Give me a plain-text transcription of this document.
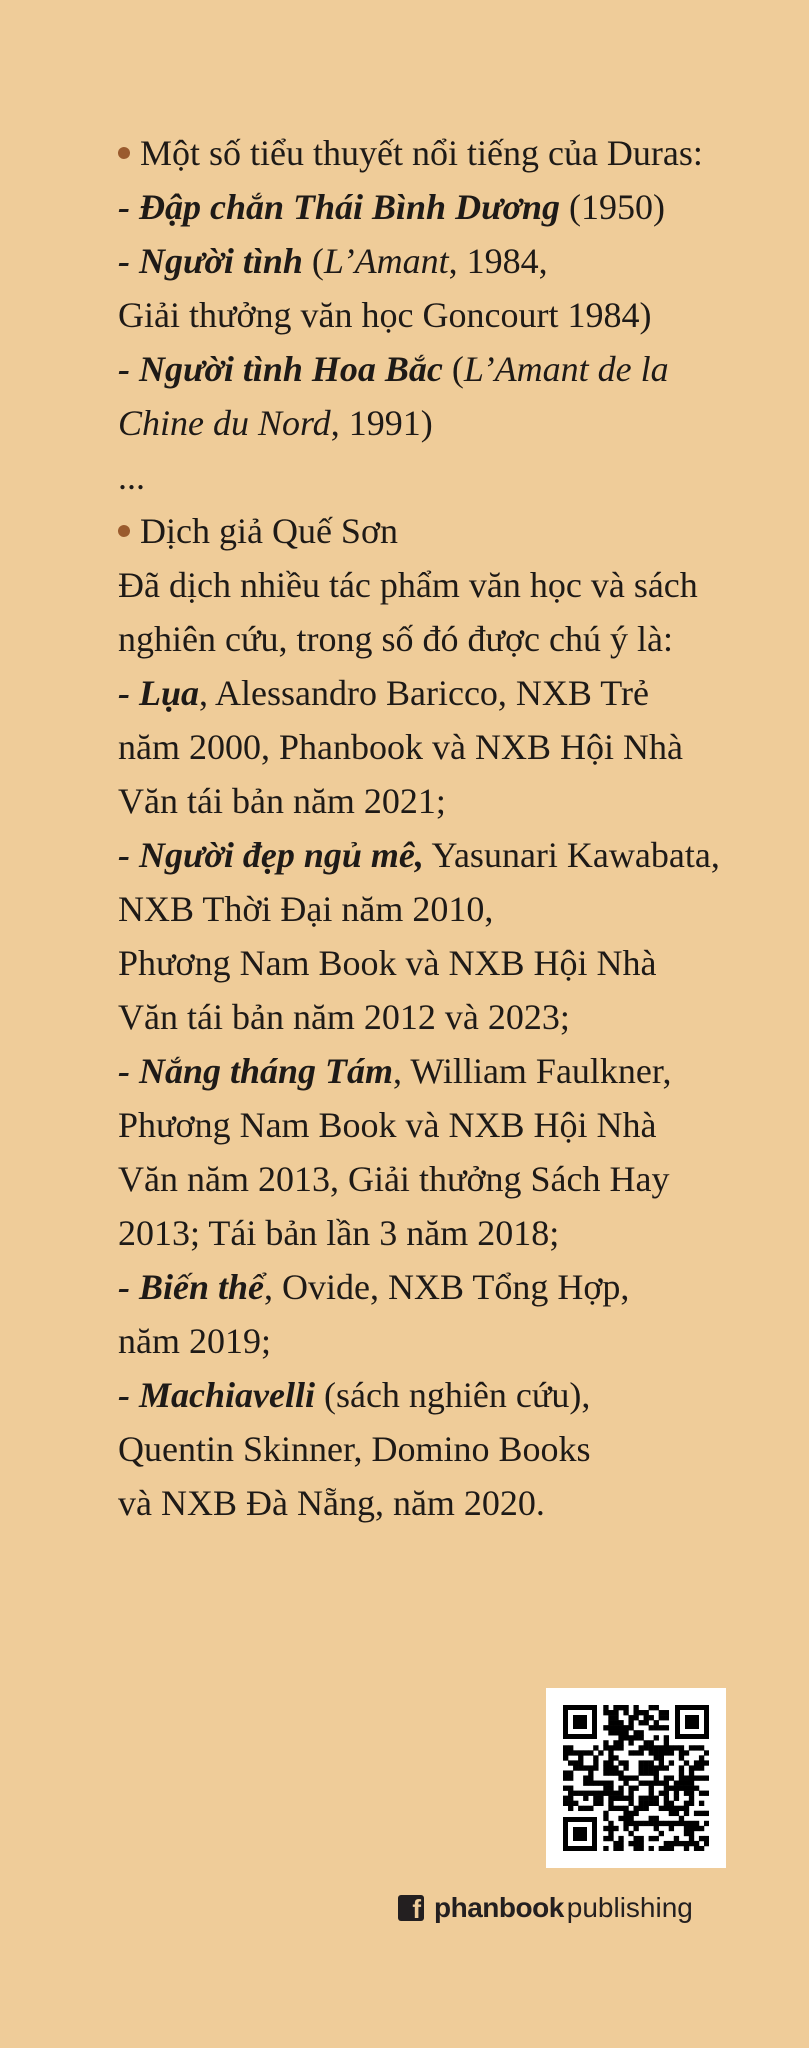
Một số tiểu thuyết nổi tiếng của Duras:
- Đập chắn Thái Bình Dương (1950)
- Người tình (L’Amant, 1984,
Giải thưởng văn học Goncourt 1984)
- Người tình Hoa Bắc (L’Amant de la
Chine du Nord, 1991)
...
Dịch giả Quế Sơn
Đã dịch nhiều tác phẩm văn học và sách
nghiên cứu, trong số đó được chú ý là:
- Lụa, Alessandro Baricco, NXB Trẻ
năm 2000, Phanbook và NXB Hội Nhà
Văn tái bản năm 2021;
- Người đẹp ngủ mê, Yasunari Kawabata,
NXB Thời Đại năm 2010,
Phương Nam Book và NXB Hội Nhà
Văn tái bản năm 2012 và 2023;
- Nắng tháng Tám, William Faulkner,
Phương Nam Book và NXB Hội Nhà
Văn năm 2013, Giải thưởng Sách Hay
2013; Tái bản lần 3 năm 2018;
- Biến thể, Ovide, NXB Tổng Hợp,
năm 2019;
- Machiavelli (sách nghiên cứu),
Quentin Skinner, Domino Books
và NXB Đà Nẵng, năm 2020.
f phanbook publishing
